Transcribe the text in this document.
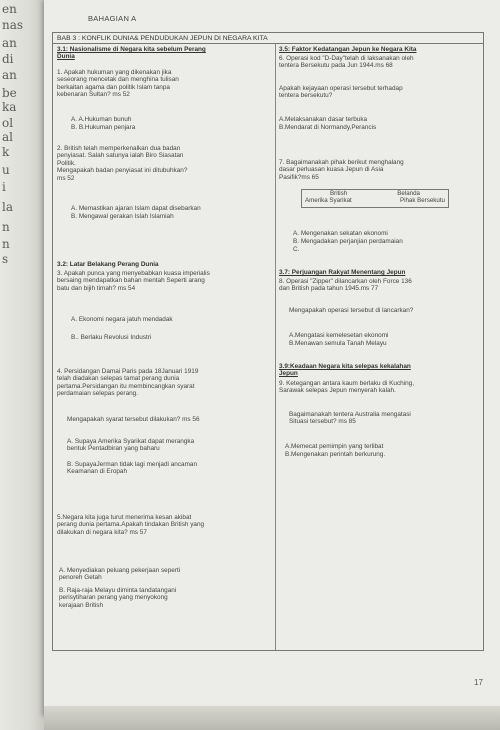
en
nas
an
di
an
be
ka
ol
al
k
u
i
la
n
n
s
BAHAGIAN A
BAB 3 : KONFLIK DUNIA& PENDUDUKAN JEPUN DI NEGARA KITA
3.1: Nasionalisme di Negara kita sebelum Perang
Dunia
1. Apakah hukuman yang dikenakan jika
seseorang mencetak dan menghina tulisan
berkaitan agama dan politik Islam tanpa
kebenaran Sultan? ms 52
A. A.Hukuman bunuh
B. B.Hukuman penjara
2. British telah memperkenalkan dua badan
penyiasat. Salah satunya ialah Biro Siasatan
Politik.
Mengapakah badan penyiasat ini ditubuhkan?
ms 52
A. Memastikan ajaran Islam dapat disebarkan
B. Mengawal gerakan Islah Islamiah
3.2: Latar Belakang Perang Dunia
3. Apakah punca yang menyebabkan kuasa imperialis
bersaing mendapatkan bahan mentah Seperti arang
batu dan bijih timah? ms 54
A. Ekonomi negara jatuh mendadak
B.. Berlaku Revolusi Industri
4. Persidangan Damai Paris pada 18Januari 1919
telah diadakan selepas tamat perang dunia
pertama.Persidangan itu membincangkan syarat
perdamaian selepas perang.
Mengapakah syarat tersebut dilakukan? ms 56
A. Supaya Amerika Syarikat dapat merangka
bentuk Pentadbiran yang baharu
B. SupayaJerman tidak lagi menjadi ancaman
Keamanan di Eropah
5.Negara kita juga turut menerima kesan akibat
perang dunia pertama.Apakah tindakan British yang
dilakukan di negara kita? ms 57
A. Menyediakan peluang pekerjaan seperti
penoreh Getah
B. Raja-raja Melayu diminta tandatangani
perisytiharan perang yang menyokong
kerajaan British
3.5: Faktor Kedatangan Jepun ke Negara Kita
6. Operasi kod "D-Day"telah di laksanakan oleh
tentera Bersekutu pada Jun 1944.ms 68
Apakah kejayaan operasi tersebut terhadap
tentera bersekutu?
A.Melaksanakan dasar terbuka
B.Mendarat di Normandy,Perancis
7. Bagaimanakah pihak berikut menghalang
dasar perluasan kuasa Jepun di Asia
Pasifik?ms 65
British	Belanda
Amerika Syarikat	Pihak Bersekutu
A. Mengenakan sekatan ekonomi
B. Mengadakan perjanjian perdamaian
C.
3.7: Perjuangan Rakyat Menentang Jepun
8. Operasi "Zipper" dilancarkan oleh Force 136
dan British pada tahun 1945.ms 77
Mengapakah operasi tersebut di lancarkan?
A.Mengatasi kemelesetan ekonomi
B.Menawan semula Tanah Melayu
3.9:Keadaan Negara kita selepas kekalahan
Jepun
9. Ketegangan antara kaum berlaku di Kuching,
Sarawak selepas Jepun menyerah kalah.
Bagaimanakah tentera Australia mengatasi
Situasi tersebut? ms 85
A.Memecat pemimpin yang terlibat
B.Mengenakan perintah berkurung.
17
